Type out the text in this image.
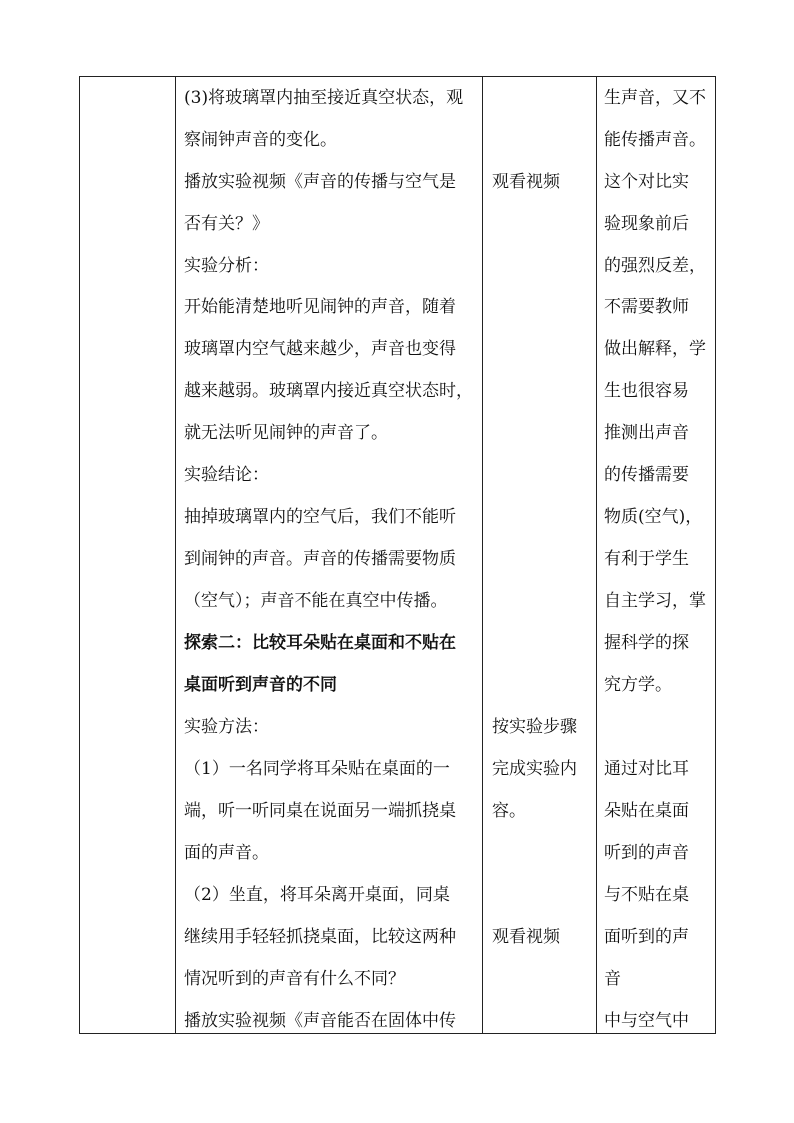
(3)将玻璃罩内抽至接近真空状态，观
察闹钟声音的变化。
播放实验视频《声音的传播与空气是
否有关？》
实验分析：
开始能清楚地听见闹钟的声音，随着
玻璃罩内空气越来越少，声音也变得
越来越弱。玻璃罩内接近真空状态时，
就无法听见闹钟的声音了。
实验结论：
抽掉玻璃罩内的空气后，我们不能听
到闹钟的声音。声音的传播需要物质
（空气）；声音不能在真空中传播。
探索二：比较耳朵贴在桌面和不贴在
桌面听到声音的不同
实验方法：
（1）一名同学将耳朵贴在桌面的一
端，听一听同桌在说面另一端抓挠桌
面的声音。
（2）坐直，将耳朵离开桌面，同桌
继续用手轻轻抓挠桌面，比较这两种
情况听到的声音有什么不同？
播放实验视频《声音能否在固体中传
观看视频
按实验步骤
完成实验内
容。
观看视频
生声音，又不
能传播声音。
这个对比实
验现象前后
的强烈反差，
不需要教师
做出解释，学
生也很容易
推测出声音
的传播需要
物质(空气)，
有利于学生
自主学习，掌
握科学的探
究方学。
通过对比耳
朵贴在桌面
听到的声音
与不贴在桌
面听到的声
音
中与空气中
